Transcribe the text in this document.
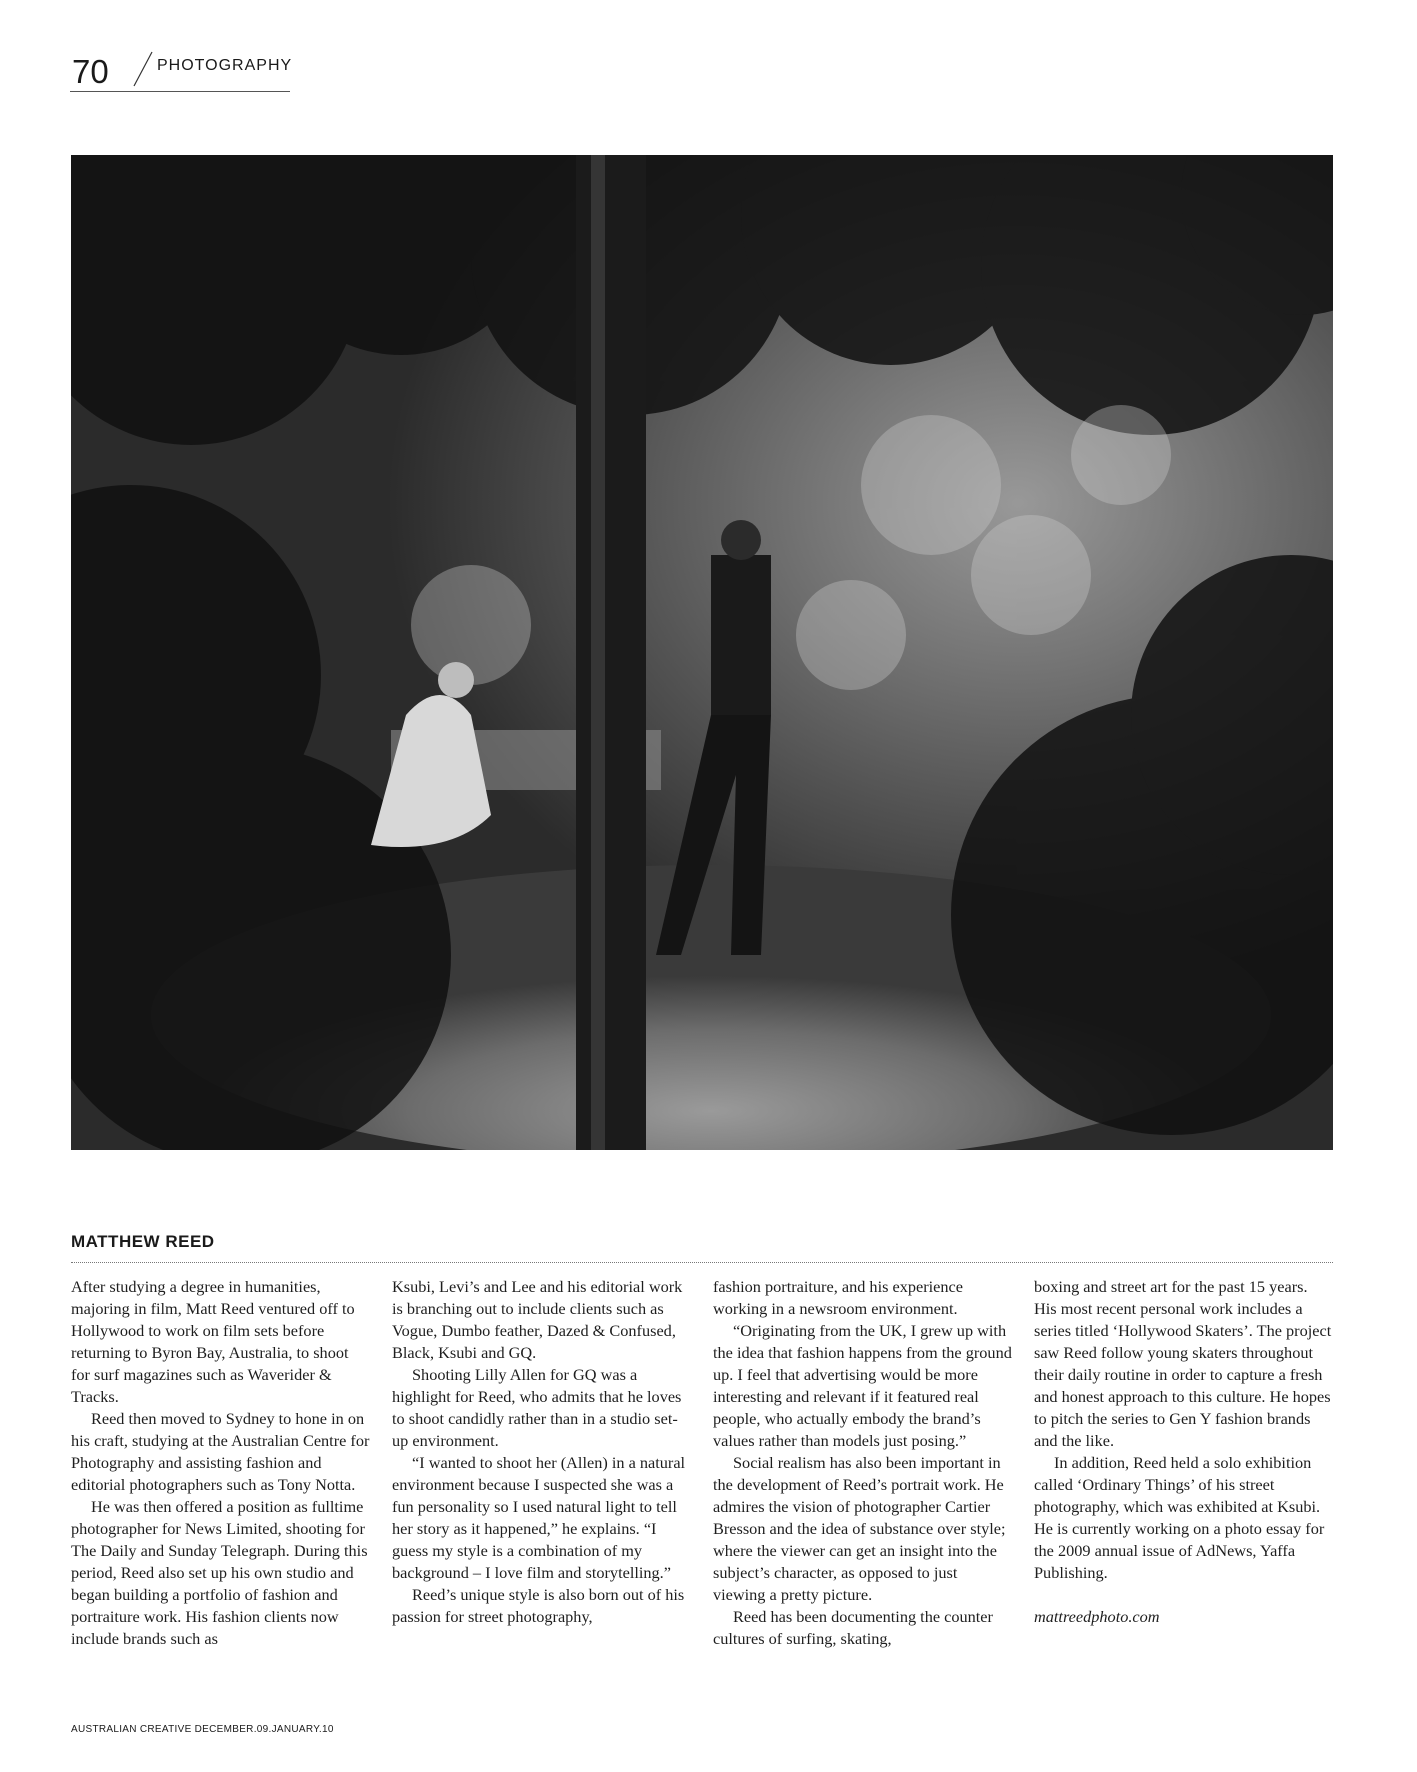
70	PHOTOGRAPHY
MATTHEW REED

After studying a degree in humanities, majoring in film, Matt Reed ventured off to Hollywood to work on film sets before returning to Byron Bay, Australia, to shoot for surf magazines such as Waverider & Tracks.

Reed then moved to Sydney to hone in on his craft, studying at the Australian Centre for Photography and assisting fashion and editorial photographers such as Tony Notta.

He was then offered a position as fulltime photographer for News Limited, shooting for The Daily and Sunday Telegraph. During this period, Reed also set up his own studio and began building a portfolio of fashion and portraiture work. His fashion clients now include brands such as

Ksubi, Levi’s and Lee and his editorial work is branching out to include clients such as Vogue, Dumbo feather, Dazed & Confused, Black, Ksubi and GQ.

Shooting Lilly Allen for GQ was a highlight for Reed, who admits that he loves to shoot candidly rather than in a studio set-up environment.

“I wanted to shoot her (Allen) in a natural environment because I suspected she was a fun personality so I used natural light to tell her story as it happened,” he explains. “I guess my style is a combination of my background – I love film and storytelling.”

Reed’s unique style is also born out of his passion for street photography,

fashion portraiture, and his experience working in a newsroom environment.

“Originating from the UK, I grew up with the idea that fashion happens from the ground up. I feel that advertising would be more interesting and relevant if it featured real people, who actually embody the brand’s values rather than models just posing.”

Social realism has also been important in the development of Reed’s portrait work. He admires the vision of photographer Cartier Bresson and the idea of substance over style; where the viewer can get an insight into the subject’s character, as opposed to just viewing a pretty picture.

Reed has been documenting the counter cultures of surfing, skating,

boxing and street art for the past 15 years. His most recent personal work includes a series titled ‘Hollywood Skaters’. The project saw Reed follow young skaters throughout their daily routine in order to capture a fresh and honest approach to this culture. He hopes to pitch the series to Gen Y fashion brands and the like.

In addition, Reed held a solo exhibition called ‘Ordinary Things’ of his street photography, which was exhibited at Ksubi. He is currently working on a photo essay for the 2009 annual issue of AdNews, Yaffa Publishing.

mattreedphoto.com

AUSTRALIAN CREATIVE DECEMBER.09.JANUARY.10
